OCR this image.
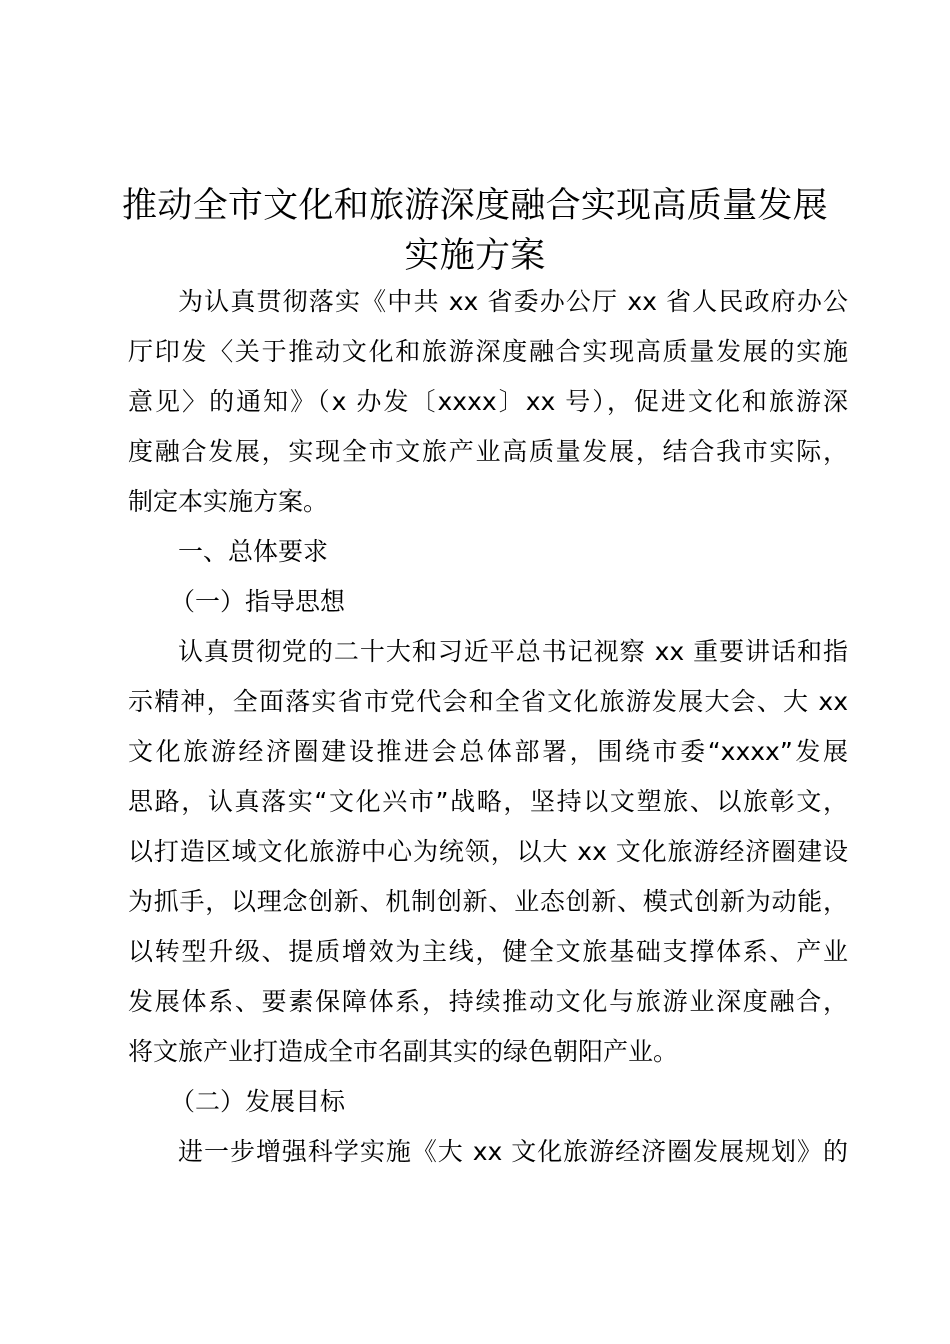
推动全市文化和旅游深度融合实现高质量发展
实施方案
为认真贯彻落实《中共 xx 省委办公厅 xx 省人民政府办公
厅印发〈关于推动文化和旅游深度融合实现高质量发展的实施
意见〉的通知》（x 办发〔xxxx〕xx 号），促进文化和旅游深
度融合发展，实现全市文旅产业高质量发展，结合我市实际，
制定本实施方案。
一、总体要求
（一）指导思想
认真贯彻党的二十大和习近平总书记视察 xx 重要讲话和指
示精神，全面落实省市党代会和全省文化旅游发展大会、大 xx
文化旅游经济圈建设推进会总体部署，围绕市委“xxxx”发展
思路，认真落实“文化兴市”战略，坚持以文塑旅、以旅彰文，
以打造区域文化旅游中心为统领，以大 xx 文化旅游经济圈建设
为抓手，以理念创新、机制创新、业态创新、模式创新为动能，
以转型升级、提质增效为主线，健全文旅基础支撑体系、产业
发展体系、要素保障体系，持续推动文化与旅游业深度融合，
将文旅产业打造成全市名副其实的绿色朝阳产业。
（二）发展目标
进一步增强科学实施《大 xx 文化旅游经济圈发展规划》的
